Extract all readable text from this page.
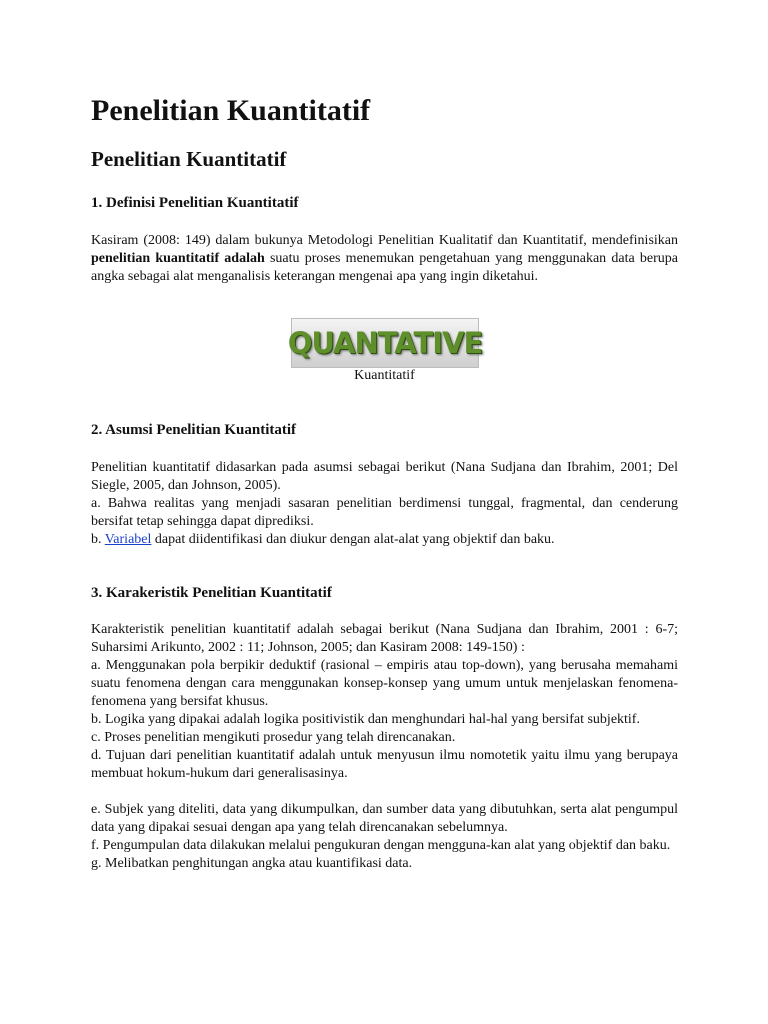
Penelitian Kuantitatif
Penelitian Kuantitatif
1. Definisi Penelitian Kuantitatif

Kasiram (2008: 149) dalam bukunya Metodologi Penelitian Kualitatif dan Kuantitatif, mendefinisikan penelitian kuantitatif adalah suatu proses menemukan pengetahuan yang menggunakan data berupa angka sebagai alat menganalisis keterangan mengenai apa yang ingin diketahui.

QUANTATIVE
Kuantitatif
2. Asumsi Penelitian Kuantitatif

Penelitian kuantitatif didasarkan pada asumsi sebagai berikut (Nana Sudjana dan Ibrahim, 2001; Del Siegle, 2005, dan Johnson, 2005).

a. Bahwa realitas yang menjadi sasaran penelitian berdimensi tunggal, fragmental, dan cenderung bersifat tetap sehingga dapat diprediksi.

b. Variabel dapat diidentifikasi dan diukur dengan alat-alat yang objektif dan baku.

3. Karakeristik Penelitian Kuantitatif

Karakteristik penelitian kuantitatif adalah sebagai berikut (Nana Sudjana dan Ibrahim, 2001 : 6-7; Suharsimi Arikunto, 2002 : 11; Johnson, 2005; dan Kasiram 2008: 149-150) :

a. Menggunakan pola berpikir deduktif (rasional – empiris atau top-down), yang berusaha memahami suatu fenomena dengan cara menggunakan konsep-konsep yang umum untuk menjelaskan fenomena-fenomena yang bersifat khusus.

b. Logika yang dipakai adalah logika positivistik dan menghundari hal-hal yang bersifat subjektif.

c. Proses penelitian mengikuti prosedur yang telah direncanakan.

d. Tujuan dari penelitian kuantitatif adalah untuk menyusun ilmu nomotetik yaitu ilmu yang berupaya membuat hokum-hukum dari generalisasinya.

e. Subjek yang diteliti, data yang dikumpulkan, dan sumber data yang dibutuhkan, serta alat pengumpul data yang dipakai sesuai dengan apa yang telah direncanakan sebelumnya.

f. Pengumpulan data dilakukan melalui pengukuran dengan mengguna-kan alat yang objektif dan baku.

g. Melibatkan penghitungan angka atau kuantifikasi data.
